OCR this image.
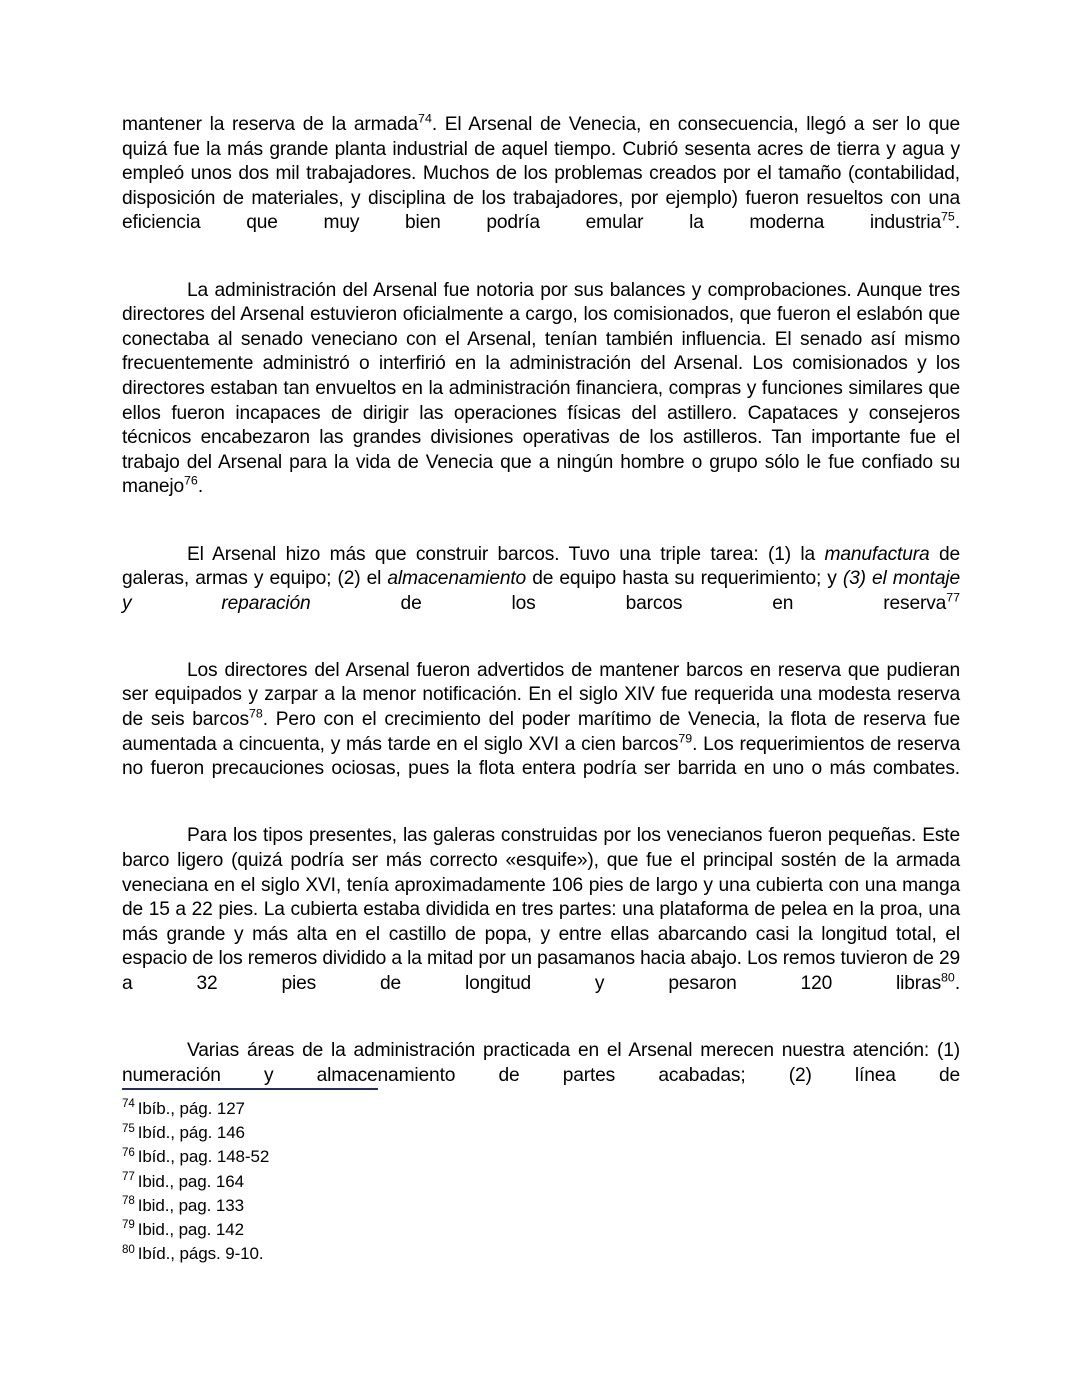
mantener la reserva de la armada$^{74}$. El Arsenal de Venecia, en consecuencia, llegó a ser lo que quizá fue la más grande planta industrial de aquel tiempo. Cubrió sesenta acres de tierra y agua y empleó unos dos mil trabajadores. Muchos de los problemas creados por el tamaño (contabilidad, disposición de materiales, y disciplina de los trabajadores, por ejemplo) fueron resueltos con una eficiencia que muy bien podría emular la moderna industria$^{75}$.

La administración del Arsenal fue notoria por sus balances y comprobaciones. Aunque tres directores del Arsenal estuvieron oficialmente a cargo, los comisionados, que fueron el eslabón que conectaba al senado veneciano con el Arsenal, tenían también influencia. El senado así mismo frecuentemente administró o interfirió en la administración del Arsenal. Los comisionados y los directores estaban tan envueltos en la administración financiera, compras y funciones similares que ellos fueron incapaces de dirigir las operaciones físicas del astillero. Capataces y consejeros técnicos encabezaron las grandes divisiones operativas de los astilleros. Tan importante fue el trabajo del Arsenal para la vida de Venecia que a ningún hombre o grupo sólo le fue confiado su manejo$^{76}$.

El Arsenal hizo más que construir barcos. Tuvo una triple tarea: (1) la manufactura de galeras, armas y equipo; (2) el almacenamiento de equipo hasta su requerimiento; y (3) el montaje y reparación de los barcos en reserva$^{77}$

Los directores del Arsenal fueron advertidos de mantener barcos en reserva que pudieran ser equipados y zarpar a la menor notificación. En el siglo XIV fue requerida una modesta reserva de seis barcos$^{78}$. Pero con el crecimiento del poder marítimo de Venecia, la flota de reserva fue aumentada a cincuenta, y más tarde en el siglo XVI a cien barcos$^{79}$. Los requerimientos de reserva no fueron precauciones ociosas, pues la flota entera podría ser barrida en uno o más combates.

Para los tipos presentes, las galeras construidas por los venecianos fueron pequeñas. Este barco ligero (quizá podría ser más correcto «esquife»), que fue el principal sostén de la armada veneciana en el siglo XVI, tenía aproximadamente 106 pies de largo y una cubierta con una manga de 15 a 22 pies. La cubierta estaba dividida en tres partes: una plataforma de pelea en la proa, una más grande y más alta en el castillo de popa, y entre ellas abarcando casi la longitud total, el espacio de los remeros dividido a la mitad por un pasamanos hacia abajo. Los remos tuvieron de 29 a 32 pies de longitud y pesaron 120 libras$^{80}$.

Varias áreas de la administración practicada en el Arsenal merecen nuestra atención: (1) numeración y almacenamiento de partes acabadas; (2) línea de

$^{74}$ Ibíb., pág. 127
$^{75}$ Ibíd., pág. 146
$^{76}$ Ibíd., pag. 148-52
$^{77}$ Ibid., pag. 164
$^{78}$ Ibid., pag. 133
$^{79}$ Ibid., pag. 142
$^{80}$ Ibíd., págs. 9-10.
